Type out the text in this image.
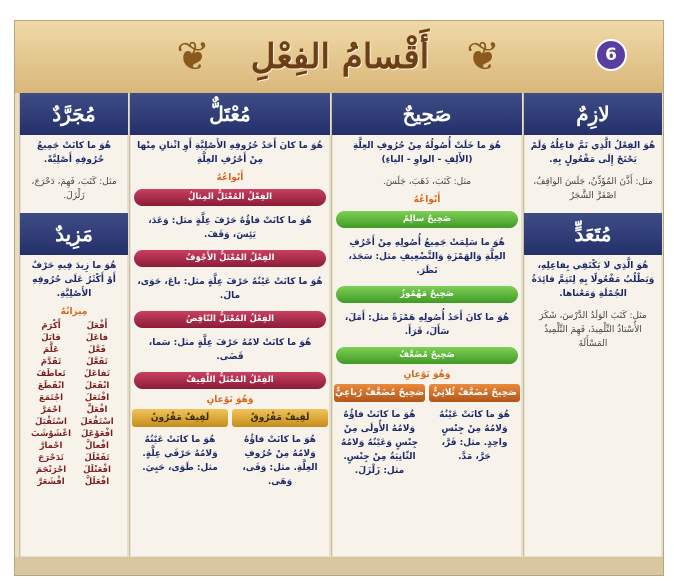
❦	❦
أَقْسامُ الفِعْلِ	6
لازِمٌ
هُوَ الفِعْلُ الَّذِي تَمَّ فاعِلُهُ وَلَمْ يَحْتَجْ إِلَى مَفْعُولٍ بِهِ.
مثل: أَذَّنَ المُؤَذِّنُ، جَلَسَ الواقِفُ، اصْفَرَّ الشَّجَرُ
مُتَعَدٍّ
هُوَ الَّذِي لا يَكْتَفِي بِفاعِلِهِ، وَيَطْلُبُ مَفْعُولًا بِهِ لِتَتِمَّ فائِدَةُ الجُمْلَةِ وَمَعْناها.
مثل: كَتَبَ الوَلَدُ الدَّرْسَ، شَكَرَ الأُسْتاذُ التِّلْمِيذَ، فَهِمَ التِّلْمِيذُ المَسْأَلَةَ
صَحِيحٌ
هُوَ ما خَلَتْ أُصُولُهُ مِنْ حُرُوفِ العِلَّةِ (الأَلِفِ - الواوِ - الياءِ)
مثل: كَتَبَ، ذَهَبَ، جَلَسَ.
أَنْواعُهُ
صَحِيحٌ سالِمٌ
هُوَ ما سَلِمَتْ جَمِيعُ أُصُولِهِ مِنْ أَحْرُفِ العِلَّةِ وَالهَمْزَةِ وَالتَّضْعِيفِ مثل: سَجَدَ، نَظَرَ.
صَحِيحٌ مَهْمُوزٌ
هُوَ ما كانَ أَحَدُ أُصُولِهِ هَمْزَةً مثل: أَمَلَ، سَأَلَ، قَرَأَ.
صَحِيحٌ مُضَعَّفٌ
وَهُوَ نَوْعانِ
صَحِيحٌ مُضَعَّفٌ ثُلاثِيٌّ
هُوَ ما كانَتْ عَيْنُهُ وَلامُهُ مِنْ جِنْسٍ واحِدٍ. مثل: فَرَّ، جَرَّ، مَدَّ.
صَحِيحٌ مُضَعَّفٌ رُباعِيٌّ
هُوَ ما كانَتْ فاؤُهُ وَلامُهُ الأُولَى مِنْ جِنْسٍ وَعَيْنُهُ وَلامُهُ الثّانِيَةُ مِنْ جِنْسٍ. مثل: زَلْزَلَ.
مُعْتَلٌّ
هُوَ ما كانَ أَحَدُ حُرُوفِهِ الأَصْلِيَّةِ أَوِ اثْنانِ مِنْها مِنْ أَحْرُفِ العِلَّةِ
أَنْواعُهُ
الفِعْلُ المُعْتَلُّ المِثالُ
هُوَ ما كانَتْ فاؤُهُ حَرْفَ عِلَّةٍ مثل: وَعَدَ، يَئِسَ، وَقَفَ.
الفِعْلُ المُعْتَلُّ الأَجْوَفُ
هُوَ ما كانَتْ عَيْنُهُ حَرْفَ عِلَّةٍ مثل: باعَ، حَوَى، مالَ.
الفِعْلُ المُعْتَلُّ النّاقِصُ
هُوَ ما كانَتْ لامُهُ حَرْفَ عِلَّةٍ مثل: سَما، قَضَى.
الفِعْلُ المُعْتَلُّ اللَّفِيفُ
وَهُوَ نَوْعانِ
لَفِيفٌ مَفْرُوقٌ
هُوَ ما كانَتْ فاؤُهُ وَلامُهُ مِنْ حُرُوفِ العِلَّةِ. مثل: وَفَى، وَهَى.
لَفِيفٌ مَقْرُونٌ
هُوَ ما كانَتْ عَيْنُهُ وَلامُهُ حَرْفَي عِلَّةٍ. مثل: طَوَى، حَيِيَ.
مُجَرَّدٌ
هُوَ ما كانَتْ جَمِيعُ حُرُوفِهِ أَصْلِيَّةً.
مثل: كَتَبَ، فَهِمَ، دَحْرَجَ، زَلْزَلَ.
مَزِيدٌ
هُوَ ما زِيدَ فِيهِ حَرْفٌ أَوْ أَكْثَرُ عَلَى حُرُوفِهِ الأَصْلِيَّةِ.
مِيزانُهُ
أَفْعَلَ
أَكْرَمَ
فاعَلَ
قابَلَ
فَعَّلَ
عَلَّمَ
تَفَعَّلَ
تَقَدَّمَ
تَفاعَلَ
تَعاطَفَ
انْفَعَلَ
انْقَطَعَ
افْتَعَلَ
اجْتَمَعَ
افْعَلَّ
احْمَرَّ
اسْتَفْعَلَ
اسْتَقْبَلَ
افْعَوْعَلَ
اعْشَوْشَبَ
افْعالَّ
احْمارَّ
تَفَعْلَلَ
تَدَحْرَجَ
افْعَنْلَلَ
احْرَنْجَمَ
افْعَلَلَّ
اقْشَعَرَّ
